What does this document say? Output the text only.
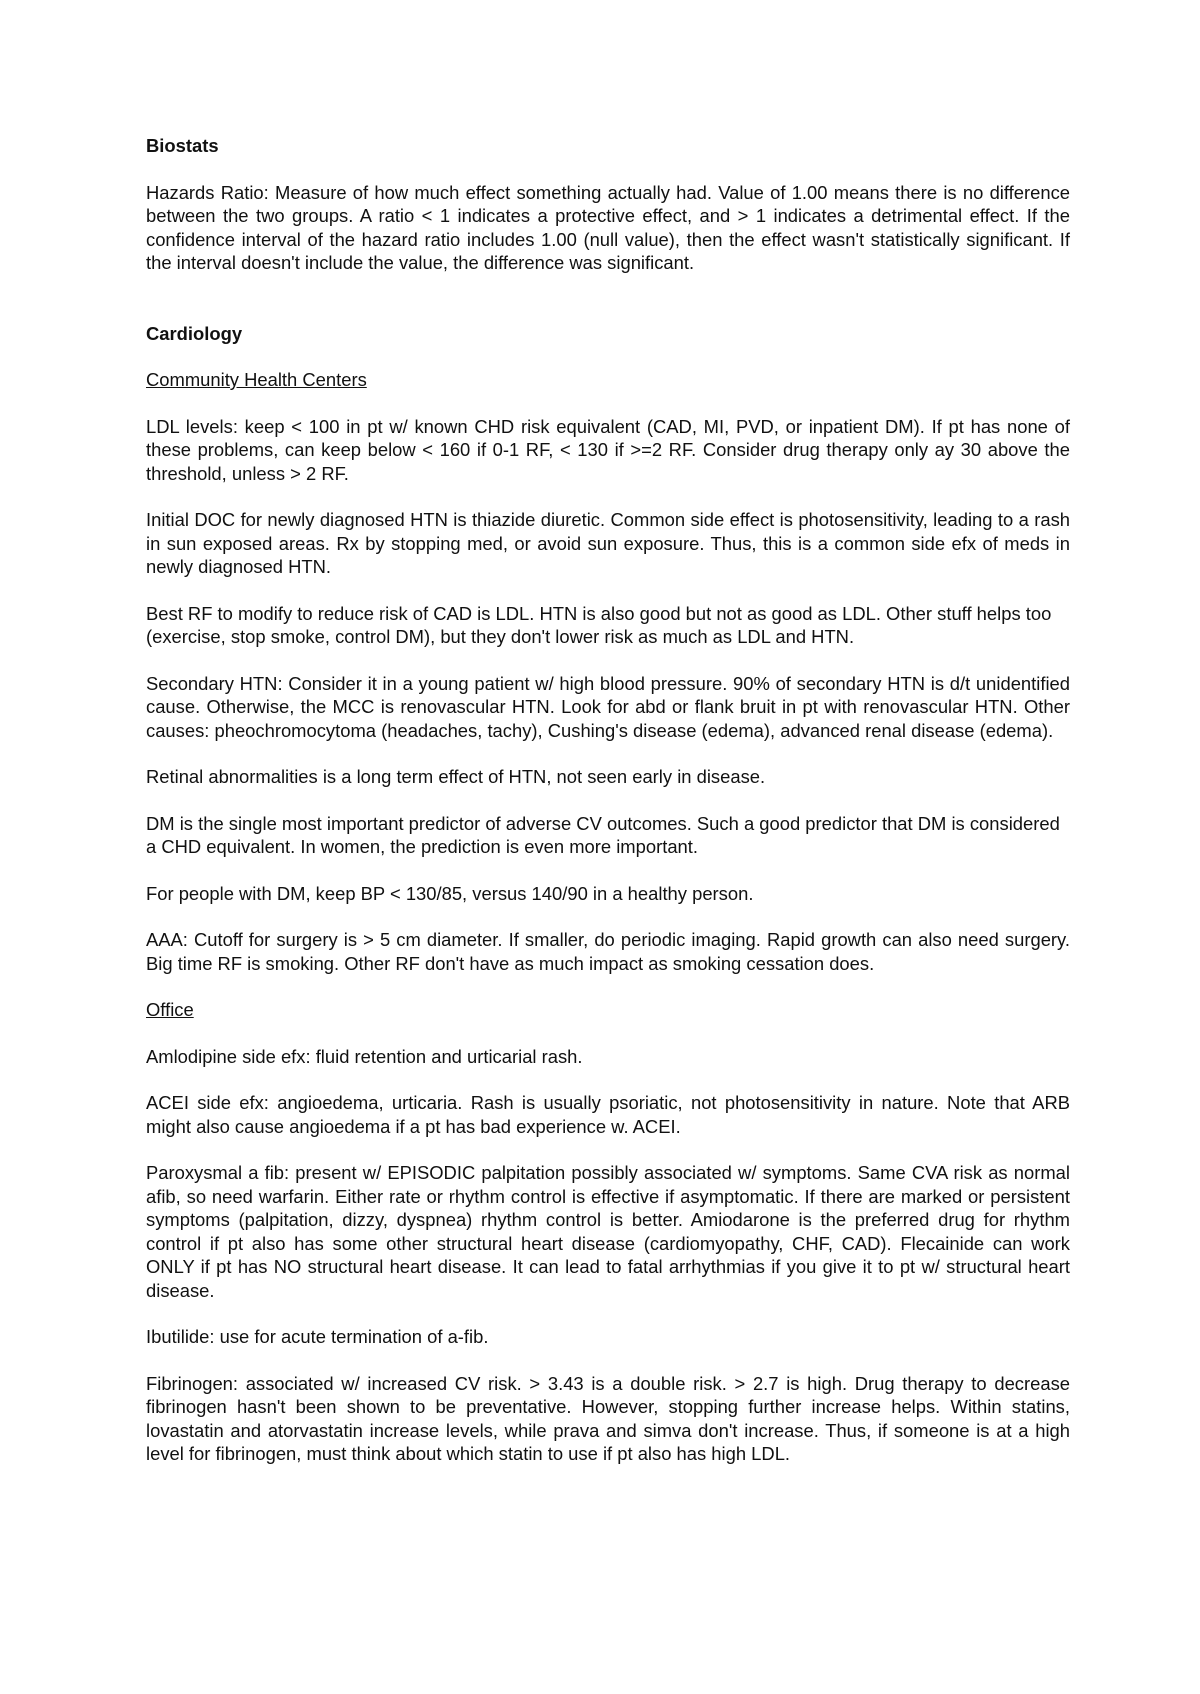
Biostats
Hazards Ratio: Measure of how much effect something actually had. Value of 1.00 means there is no difference between the two groups. A ratio < 1 indicates a protective effect, and > 1 indicates a detrimental effect. If the confidence interval of the hazard ratio includes 1.00 (null value), then the effect wasn't statistically significant. If the interval doesn't include the value, the difference was significant.
Cardiology
Community Health Centers
LDL levels: keep < 100 in pt w/ known CHD risk equivalent (CAD, MI, PVD, or inpatient DM). If pt has none of these problems, can keep below < 160 if 0-1 RF, < 130 if >=2 RF. Consider drug therapy only ay 30 above the threshold, unless > 2 RF.
Initial DOC for newly diagnosed HTN is thiazide diuretic. Common side effect is photosensitivity, leading to a rash in sun exposed areas. Rx by stopping med, or avoid sun exposure. Thus, this is a common side efx of meds in newly diagnosed HTN.
Best RF to modify to reduce risk of CAD is LDL. HTN is also good but not as good as LDL. Other stuff helps too (exercise, stop smoke, control DM), but they don't lower risk as much as LDL and HTN.
Secondary HTN: Consider it in a young patient w/ high blood pressure. 90% of secondary HTN is d/t unidentified cause. Otherwise, the MCC is renovascular HTN. Look for abd or flank bruit in pt with renovascular HTN. Other causes: pheochromocytoma (headaches, tachy), Cushing's disease (edema), advanced renal disease (edema).
Retinal abnormalities is a long term effect of HTN, not seen early in disease.
DM is the single most important predictor of adverse CV outcomes. Such a good predictor that DM is considered a CHD equivalent. In women, the prediction is even more important.
For people with DM, keep BP < 130/85, versus 140/90 in a healthy person.
AAA: Cutoff for surgery is > 5 cm diameter. If smaller, do periodic imaging. Rapid growth can also need surgery. Big time RF is smoking. Other RF don't have as much impact as smoking cessation does.
Office
Amlodipine side efx: fluid retention and urticarial rash.
ACEI side efx: angioedema, urticaria. Rash is usually psoriatic, not photosensitivity in nature. Note that ARB might also cause angioedema if a pt has bad experience w. ACEI.
Paroxysmal a fib: present w/ EPISODIC palpitation possibly associated w/ symptoms. Same CVA risk as normal afib, so need warfarin. Either rate or rhythm control is effective if asymptomatic. If there are marked or persistent symptoms (palpitation, dizzy, dyspnea) rhythm control is better. Amiodarone is the preferred drug for rhythm control if pt also has some other structural heart disease (cardiomyopathy, CHF, CAD). Flecainide can work ONLY if pt has NO structural heart disease. It can lead to fatal arrhythmias if you give it to pt w/ structural heart disease.
Ibutilide: use for acute termination of a-fib.
Fibrinogen: associated w/ increased CV risk. > 3.43 is a double risk. > 2.7 is high. Drug therapy to decrease fibrinogen hasn't been shown to be preventative. However, stopping further increase helps. Within statins, lovastatin and atorvastatin increase levels, while prava and simva don't increase. Thus, if someone is at a high level for fibrinogen, must think about which statin to use if pt also has high LDL.
